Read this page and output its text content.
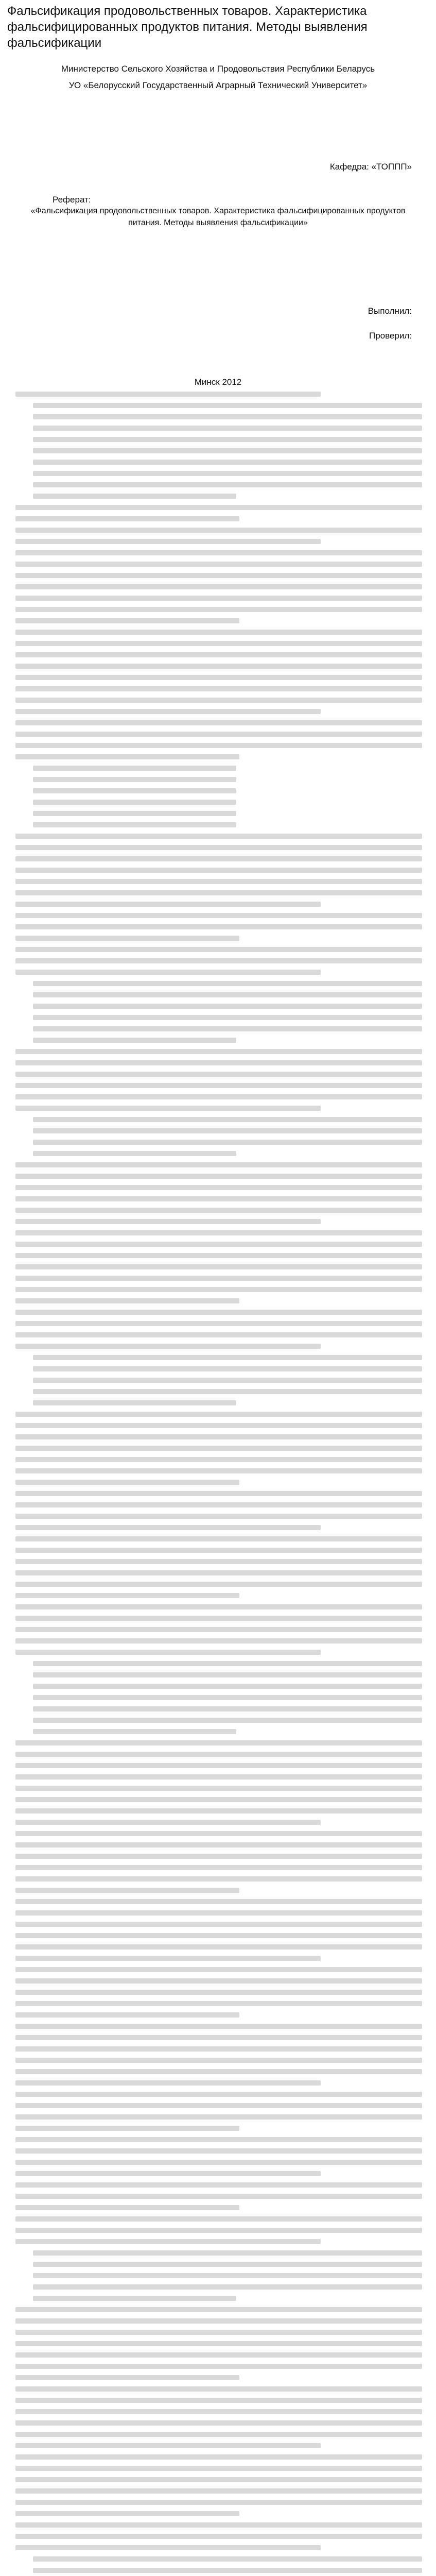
Фальсификация продовольственных товаров. Характеристика фальсифицированных продуктов питания. Методы выявления фальсификации

Министерство Сельского Хозяйства и Продовольствия Республики Беларусь

УО «Белорусский Государственный Аграрный Технический Университет»

Кафедра: «ТОППП»

Реферат:

«Фальсификация продовольственных товаров. Характеристика фальсифицированных продуктов питания. Методы выявления фальсификации»

Выполнил:

Проверил:

Минск 2012
